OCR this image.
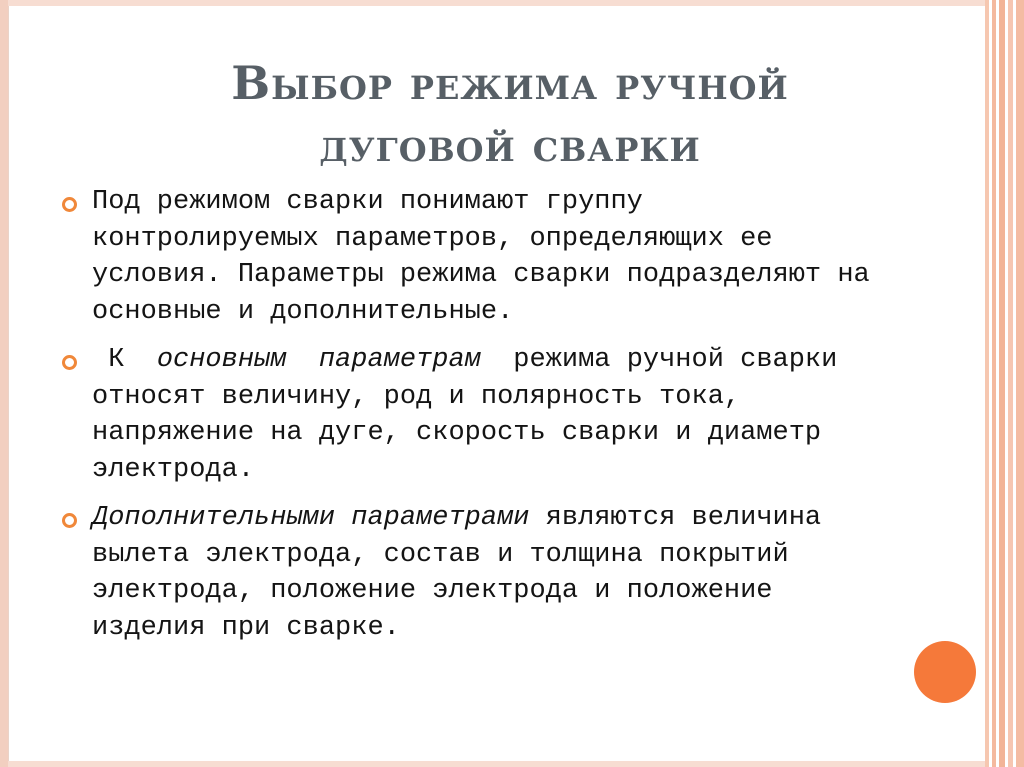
Выбор режима ручной
дуговой сварки
Под режимом сварки понимают группу контролируемых параметров, определяющих ее условия. Параметры режима сварки подразделяют на основные и дополнительные.
К  основным  параметрам  режима ручной сварки относят величину, род и полярность тока, напряжение на дуге, скорость сварки и диаметр электрода.
Дополнительными параметрами являются величина вылета электрода, состав и толщина покрытий электрода, положение электрода и положение изделия при сварке.
